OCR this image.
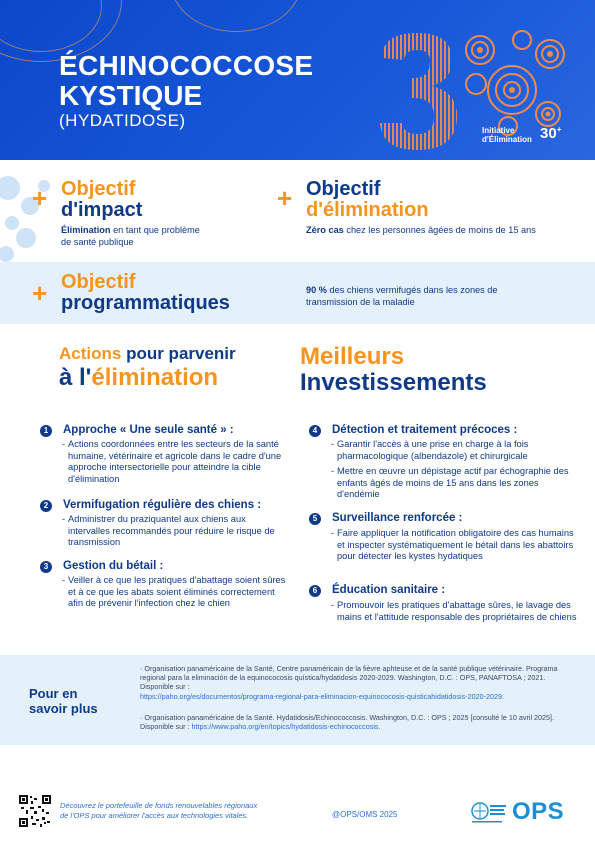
ÉCHINOCOCCOSE
KYSTIQUE
(HYDATIDOSE)
Initiative
d'Élimination 30+
+ Objectif
d'impact
Élimination en tant que problème
de santé publique
+ Objectif
d'élimination
Zéro cas chez les personnes âgées de moins de 15 ans
+ Objectif
programmatiques
90 % des chiens vermifugés dans les zones de
transmission de la maladie
Actions pour parvenir
à l'élimination
Meilleurs
Investissements
1	Approche « Une seule santé » :
- Actions coordonnées entre les secteurs de la santé humaine, vétérinaire et agricole dans le cadre d'une approche intersectorielle pour atteindre la cible d'élimination
2	Vermifugation régulière des chiens :
- Administrer du praziquantel aux chiens aux intervalles recommandés pour réduire le risque de transmission
3	Gestion du bétail :
- Veiller à ce que les pratiques d'abattage soient sûres et à ce que les abats soient éliminés correctement afin de prévenir l'infection chez le chien
4	Détection et traitement précoces :
- Garantir l'accès à une prise en charge à la fois pharmacologique (albendazole) et chirurgicale
- Mettre en œuvre un dépistage actif par échographie des enfants âgés de moins de 15 ans dans les zones d'endémie
5	Surveillance renforcée :
- Faire appliquer la notification obligatoire des cas humains et inspecter systématiquement le bétail dans les abattoirs pour détecter les kystes hydatiques
6	Éducation sanitaire :
- Promouvoir les pratiques d'abattage sûres, le lavage des mains et l'attitude responsable des propriétaires de chiens
Pour en
savoir plus
· Organisation panaméricaine de la Santé, Centre panaméricain de la fièvre aphteuse et de la santé publique vétérinaire. Programa regional para la eliminación de la equinococosis quística/hydatidosis 2020-2029. Washington, D.C. : OPS, PANAFTOSA ; 2021. Disponible sur :
https://paho.org/es/documentos/programa-regional-para-eliminacion-equinococosis-quisticahidatidosis-2020-2029.
· Organisation panaméricaine de la Santé. Hydatidosis/Echinococcosis. Washington, D.C. : OPS ; 2025 [consulté le 10 avril 2025]. Disponible sur : https://www.paho.org/en/topics/hydatidosis-echinococcosis.
Découvrez le portefeuille de fonds renouvelables régionaux
de l'OPS pour améliorer l'accès aux technologies vitales.	@OPS/OMS 2025	OPS
